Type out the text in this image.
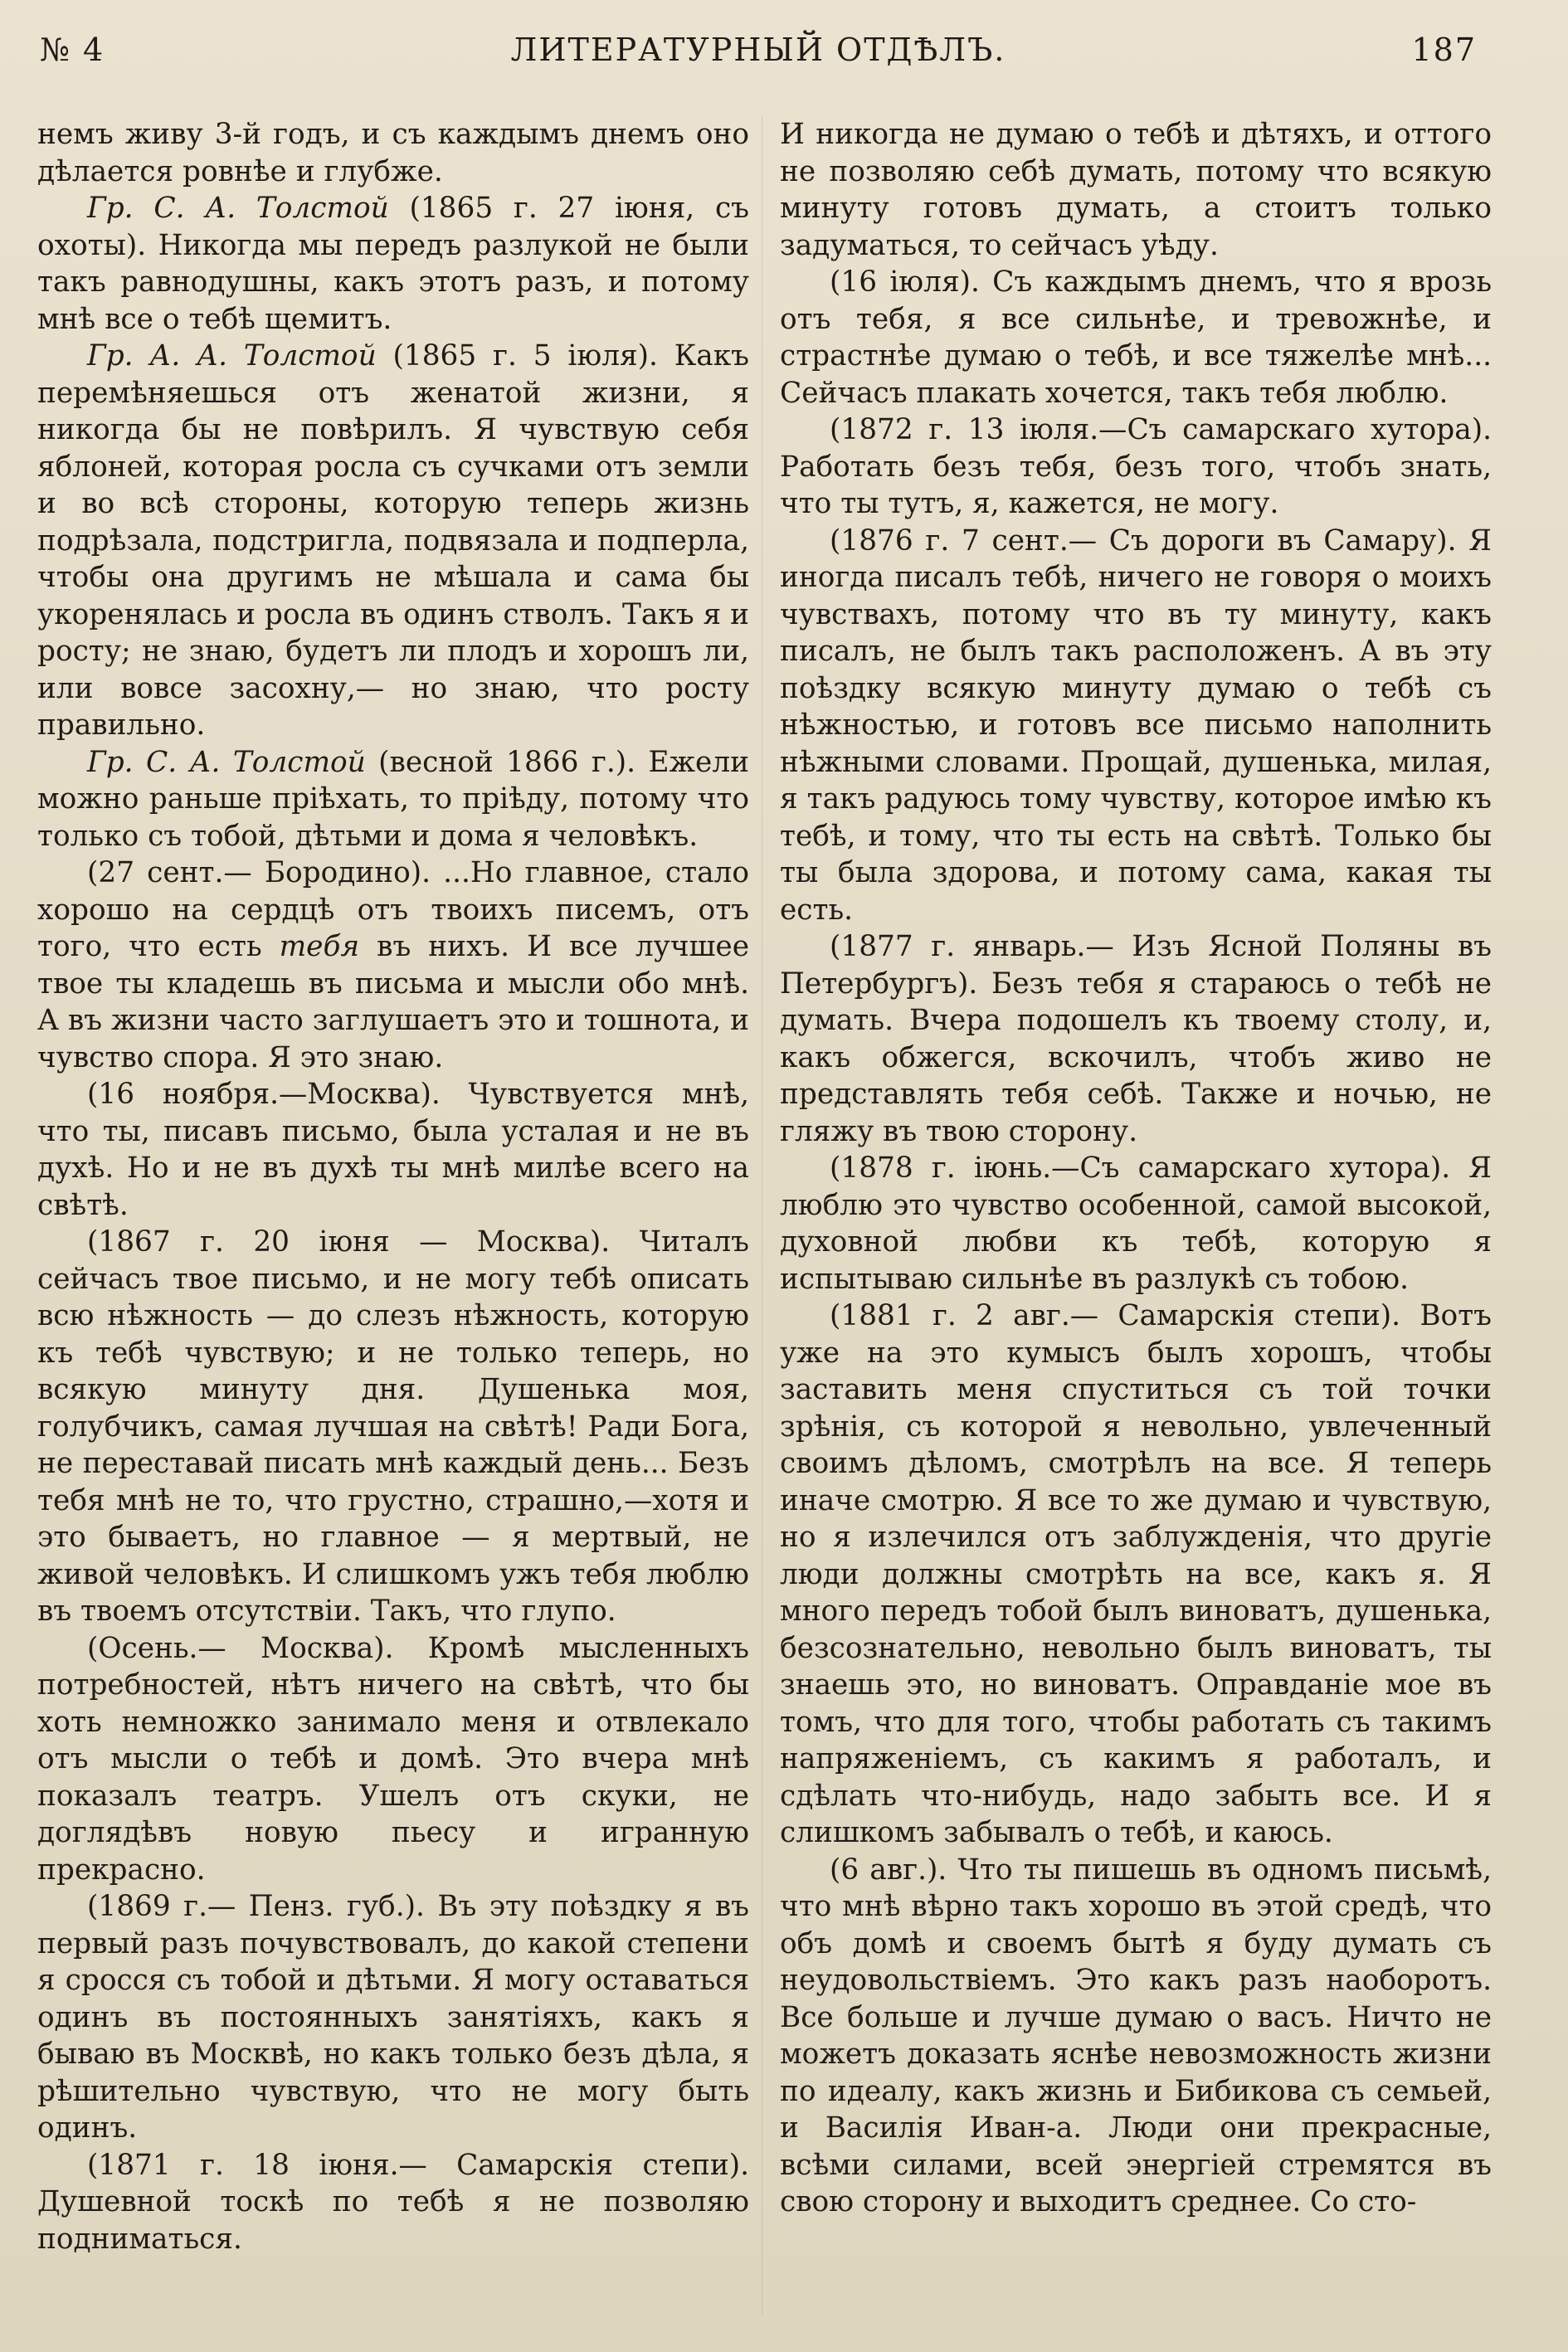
№ 4	ЛИТЕРАТУРНЫЙ ОТДѢЛЪ.	187

немъ живу 3-й годъ, и съ каждымъ днемъ оно дѣлается ровнѣе и глубже.

Гр. С. А. Толстой (1865 г. 27 іюня, съ охоты). Никогда мы передъ разлукой не были такъ равнодушны, какъ этотъ разъ, и потому мнѣ все о тебѣ щемитъ.

Гр. А. А. Толстой (1865 г. 5 іюля). Какъ перемѣняешься отъ женатой жизни, я никогда бы не повѣрилъ. Я чувствую себя яблоней, которая росла съ сучками отъ земли и во всѣ стороны, которую теперь жизнь подрѣзала, подстригла, подвязала и подперла, чтобы она другимъ не мѣшала и сама бы укоренялась и росла въ одинъ стволъ. Такъ я и росту; не знаю, будетъ ли плодъ и хорошъ ли, или вовсе засохну,— но знаю, что росту правильно.

Гр. С. А. Толстой (весной 1866 г.). Ежели можно раньше пріѣхать, то пріѣду, потому что только съ тобой, дѣтьми и дома я человѣкъ.

(27 сент.— Бородино). ...Но главное, стало хорошо на сердцѣ отъ твоихъ писемъ, отъ того, что есть тебя въ нихъ. И все лучшее твое ты кладешь въ письма и мысли обо мнѣ. А въ жизни часто заглушаетъ это и тошнота, и чувство спора. Я это знаю.

(16 ноября.—Москва). Чувствуется мнѣ, что ты, писавъ письмо, была усталая и не въ духѣ. Но и не въ духѣ ты мнѣ милѣе всего на свѣтѣ.

(1867 г. 20 іюня — Москва). Читалъ сейчасъ твое письмо, и не могу тебѣ описать всю нѣжность — до слезъ нѣжность, которую къ тебѣ чувствую; и не только теперь, но всякую минуту дня. Душенька моя, голубчикъ, самая лучшая на свѣтѣ! Ради Бога, не переставай писать мнѣ каждый день... Безъ тебя мнѣ не то, что грустно, страшно,—хотя и это бываетъ, но главное — я мертвый, не живой человѣкъ. И слишкомъ ужъ тебя люблю въ твоемъ отсутствіи. Такъ, что глупо.

(Осень.— Москва). Кромѣ мысленныхъ потребностей, нѣтъ ничего на свѣтѣ, что бы хоть немножко занимало меня и отвлекало отъ мысли о тебѣ и домѣ. Это вчера мнѣ показалъ театръ. Ушелъ отъ скуки, не доглядѣвъ новую пьесу и игранную прекрасно.

(1869 г.— Пенз. губ.). Въ эту поѣздку я въ первый разъ почувствовалъ, до какой степени я сросся съ тобой и дѣтьми. Я могу оставаться одинъ въ постоянныхъ занятіяхъ, какъ я бываю въ Москвѣ, но какъ только безъ дѣла, я рѣшительно чувствую, что не могу быть одинъ.

(1871 г. 18 іюня.— Самарскія степи). Душевной тоскѣ по тебѣ я не позволяю подниматься.

И никогда не думаю о тебѣ и дѣтяхъ, и оттого не позволяю себѣ думать, потому что всякую минуту готовъ думать, а стоитъ только задуматься, то сейчасъ уѣду.

(16 іюля). Съ каждымъ днемъ, что я врозь отъ тебя, я все сильнѣе, и тревожнѣе, и страстнѣе думаю о тебѣ, и все тяжелѣе мнѣ... Сейчасъ плакать хочется, такъ тебя люблю.

(1872 г. 13 іюля.—Съ самарскаго хутора). Работать безъ тебя, безъ того, чтобъ знать, что ты тутъ, я, кажется, не могу.

(1876 г. 7 сент.— Съ дороги въ Самару). Я иногда писалъ тебѣ, ничего не говоря о моихъ чувствахъ, потому что въ ту минуту, какъ писалъ, не былъ такъ расположенъ. А въ эту поѣздку всякую минуту думаю о тебѣ съ нѣжностью, и готовъ все письмо наполнить нѣжными словами. Прощай, душенька, милая, я такъ радуюсь тому чувству, которое имѣю къ тебѣ, и тому, что ты есть на свѣтѣ. Только бы ты была здорова, и потому сама, какая ты есть.

(1877 г. январь.— Изъ Ясной Поляны въ Петербургъ). Безъ тебя я стараюсь о тебѣ не думать. Вчера подошелъ къ твоему столу, и, какъ обжегся, вскочилъ, чтобъ живо не представлять тебя себѣ. Также и ночью, не гляжу въ твою сторону.

(1878 г. іюнь.—Съ самарскаго хутора). Я люблю это чувство особенной, самой высокой, духовной любви къ тебѣ, которую я испытываю сильнѣе въ разлукѣ съ тобою.

(1881 г. 2 авг.— Самарскія степи). Вотъ уже на это кумысъ былъ хорошъ, чтобы заставить меня спуститься съ той точки зрѣнія, съ которой я невольно, увлеченный своимъ дѣломъ, смотрѣлъ на все. Я теперь иначе смотрю. Я все то же думаю и чувствую, но я излечился отъ заблужденія, что другіе люди должны смотрѣть на все, какъ я. Я много передъ тобой былъ виноватъ, душенька, безсознательно, невольно былъ виноватъ, ты знаешь это, но виноватъ. Оправданіе мое въ томъ, что для того, чтобы работать съ такимъ напряженіемъ, съ какимъ я работалъ, и сдѣлать что-нибудь, надо забыть все. И я слишкомъ забывалъ о тебѣ, и каюсь.

(6 авг.). Что ты пишешь въ одномъ письмѣ, что мнѣ вѣрно такъ хорошо въ этой средѣ, что объ домѣ и своемъ бытѣ я буду думать съ неудовольствіемъ. Это какъ разъ наоборотъ. Все больше и лучше думаю о васъ. Ничто не можетъ доказать яснѣе невозможность жизни по идеалу, какъ жизнь и Бибикова съ семьей, и Василія Иван-а. Люди они прекрасные, всѣми силами, всей энергіей стремятся въ свою сторону и выходитъ среднее. Со сто-
